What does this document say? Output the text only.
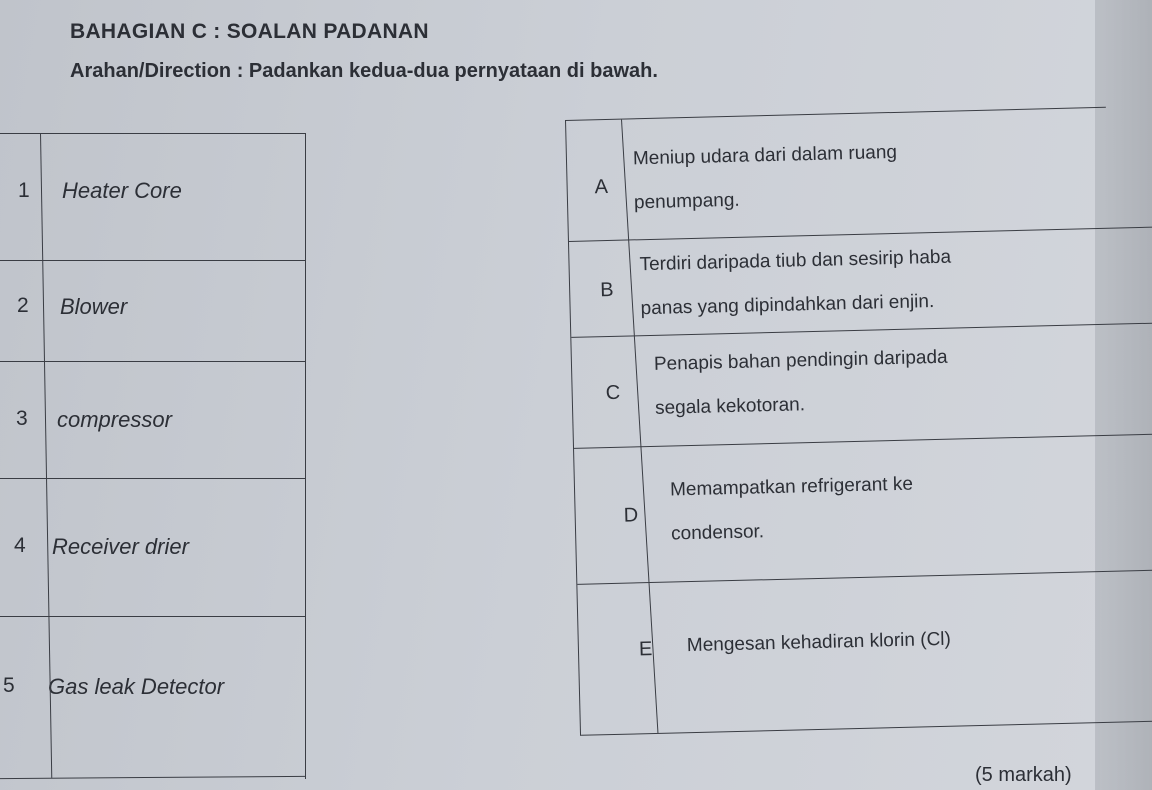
BAHAGIAN C : SOALAN PADANAN
Arahan/Direction : Padankan kedua-dua pernyataan di bawah.
1 Heater Core
2 Blower
3 compressor
4 Receiver drier
5 Gas leak Detector
A
Meniup udara dari dalam ruang
penumpang.
B
Terdiri daripada tiub dan sesirip haba
panas yang dipindahkan dari enjin.
C
Penapis bahan pendingin daripada
segala kekotoran.
D
Memampatkan refrigerant ke
condensor.
E Mengesan kehadiran klorin (Cl)
(5 markah)
